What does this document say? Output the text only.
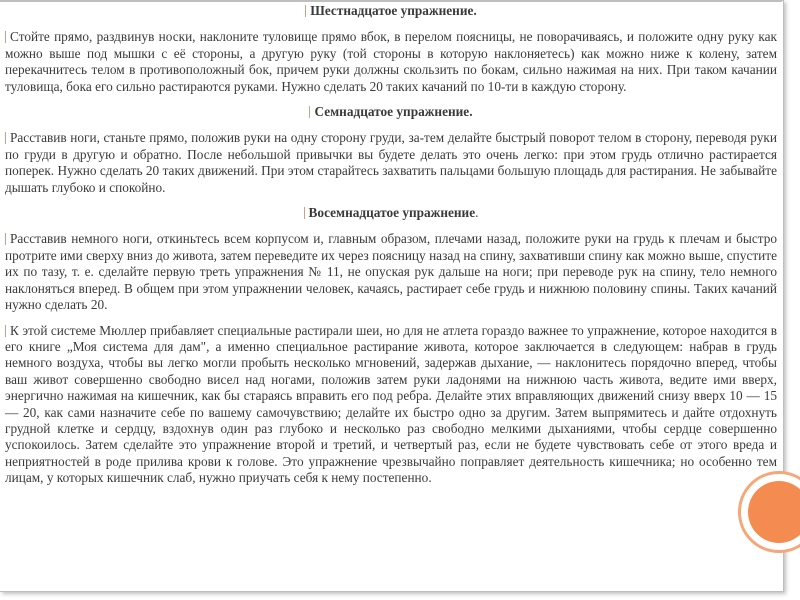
Шестнадцатое упражнение.

Стойте прямо, раздвинув носки, наклоните туловище прямо вбок, в перелом поясницы, не поворачиваясь, и положите одну руку как можно выше под мышки с её стороны, а другую руку (той стороны в которую наклоняетесь) как можно ниже к колену, затем перекачнитесь телом в противоположный бок, причем руки должны скользить по бокам, сильно нажимая на них. При таком качании туловища, бока его сильно растираются руками. Нужно сделать 20 таких качаний по 10-ти в каждую сторону.

Семнадцатое упражнение.

Расставив ноги, станьте прямо, положив руки на одну сторону груди, за-тем делайте быстрый поворот телом в сторону, переводя руки по груди в другую и обратно. После небольшой привычки вы будете делать это очень легко: при этом грудь отлично растирается поперек. Нужно сделать 20 таких движений. При этом старайтесь захватить пальцами большую площадь для растирания. Не забывайте дышать глубоко и спокойно.

Восемнадцатое упражнение.

Расставив немного ноги, откиньтесь всем корпусом и, главным образом, плечами назад, положите руки на грудь к плечам и быстро протрите ими сверху вниз до живота, затем переведите их через поясницу назад на спину, захвативши спину как можно выше, спустите их по тазу, т. е. сделайте первую треть упражнения № 11, не опуская рук дальше на ноги; при переводе рук на спину, тело немного наклоняться вперед. В общем при этом упражнении человек, качаясь, растирает себе грудь и нижнюю половину спины. Таких качаний нужно сделать 20.

К этой системе Мюллер прибавляет специальные растирали шеи, но для не атлета гораздо важнее то упражнение, которое находится в его книге „Моя система для дам", а именно специальное растирание живота, которое заключается в следующем: набрав в грудь немного воздуха, чтобы вы легко могли пробыть несколько мгновений, задержав дыхание, — наклонитесь порядочно вперед, чтобы ваш живот совершенно свободно висел над ногами, положив затем руки ладонями на нижнюю часть живота, ведите ими вверх, энергично нажимая на кишечник, как бы стараясь вправить его под ребра. Делайте этих вправляющих движений снизу вверх 10 — 15 — 20, как сами назначите себе по вашему самочувствию; делайте их быстро одно за другим. Затем выпрямитесь и дайте отдохнуть грудной клетке и сердцу, вздохнув один раз глубоко и несколько раз свободно мелкими дыханиями, чтобы сердце совершенно успокоилось. Затем сделайте это упражнение второй и третий, и четвертый раз, если не будете чувствовать себе от этого вреда и неприятностей в роде прилива крови к голове. Это упражнение чрезвычайно поправляет деятельность кишечника; но особенно тем лицам, у которых кишечник слаб, нужно приучать себя к нему постепенно.
